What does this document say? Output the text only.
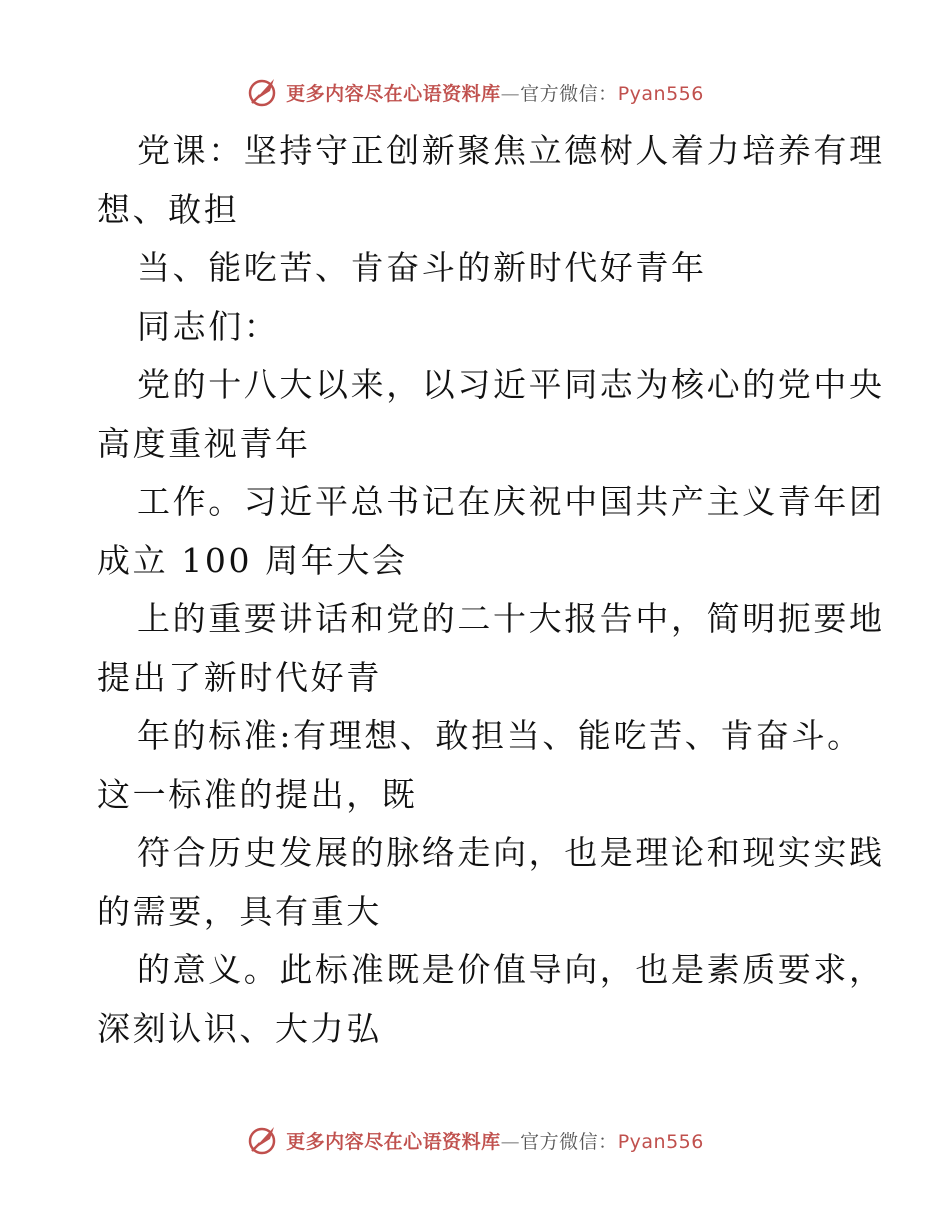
更多内容尽在心语资料库—官方微信：Pyan556
党课：坚持守正创新聚焦立德树人着力培养有理
想、敢担
当、能吃苦、肯奋斗的新时代好青年
同志们：
党的十八大以来，以习近平同志为核心的党中央
高度重视青年
工作。习近平总书记在庆祝中国共产主义青年团
成立 100 周年大会
上的重要讲话和党的二十大报告中，简明扼要地
提出了新时代好青
年的标准:有理想、敢担当、能吃苦、肯奋斗。
这一标准的提出，既
符合历史发展的脉络走向，也是理论和现实实践
的需要，具有重大
的意义。此标准既是价值导向，也是素质要求，
深刻认识、大力弘
更多内容尽在心语资料库—官方微信：Pyan556
